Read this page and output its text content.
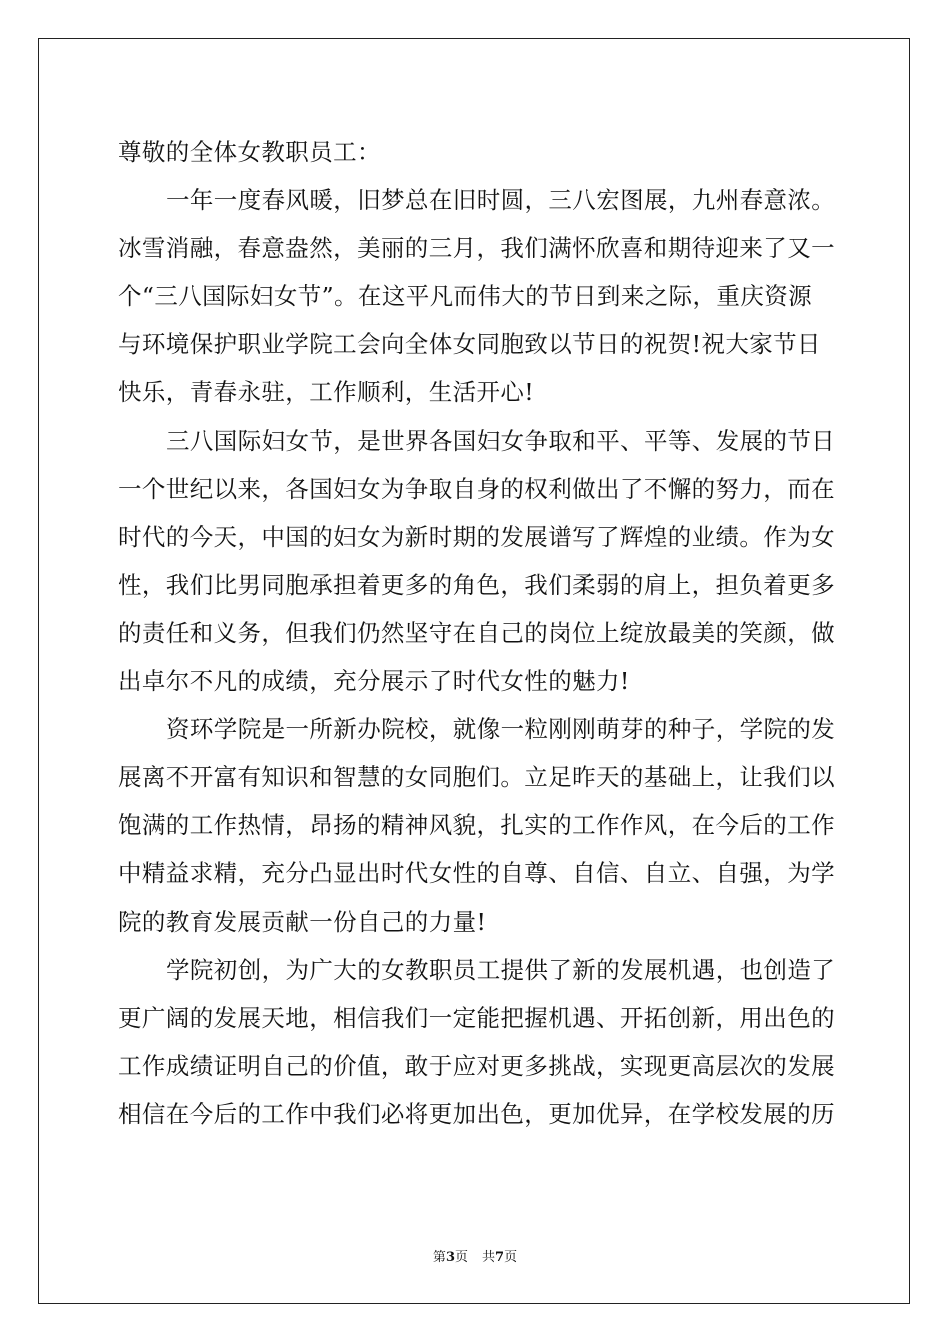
尊敬的全体女教职员工：
一年一度春风暖，旧梦总在旧时圆，三八宏图展，九州春意浓。
冰雪消融，春意盎然，美丽的三月，我们满怀欣喜和期待迎来了又一
个“三八国际妇女节”。在这平凡而伟大的节日到来之际，重庆资源
与环境保护职业学院工会向全体女同胞致以节日的祝贺!祝大家节日
快乐，青春永驻，工作顺利，生活开心!
三八国际妇女节，是世界各国妇女争取和平、平等、发展的节日
一个世纪以来，各国妇女为争取自身的权利做出了不懈的努力，而在
时代的今天，中国的妇女为新时期的发展谱写了辉煌的业绩。作为女
性，我们比男同胞承担着更多的角色，我们柔弱的肩上，担负着更多
的责任和义务，但我们仍然坚守在自己的岗位上绽放最美的笑颜，做
出卓尔不凡的成绩，充分展示了时代女性的魅力!
资环学院是一所新办院校，就像一粒刚刚萌芽的种子，学院的发
展离不开富有知识和智慧的女同胞们。立足昨天的基础上，让我们以
饱满的工作热情，昂扬的精神风貌，扎实的工作作风，在今后的工作
中精益求精，充分凸显出时代女性的自尊、自信、自立、自强，为学
院的教育发展贡献一份自己的力量!
学院初创，为广大的女教职员工提供了新的发展机遇，也创造了
更广阔的发展天地，相信我们一定能把握机遇、开拓创新，用出色的
工作成绩证明自己的价值，敢于应对更多挑战，实现更高层次的发展
相信在今后的工作中我们必将更加出色，更加优异，在学校发展的历
第3页 共7页
